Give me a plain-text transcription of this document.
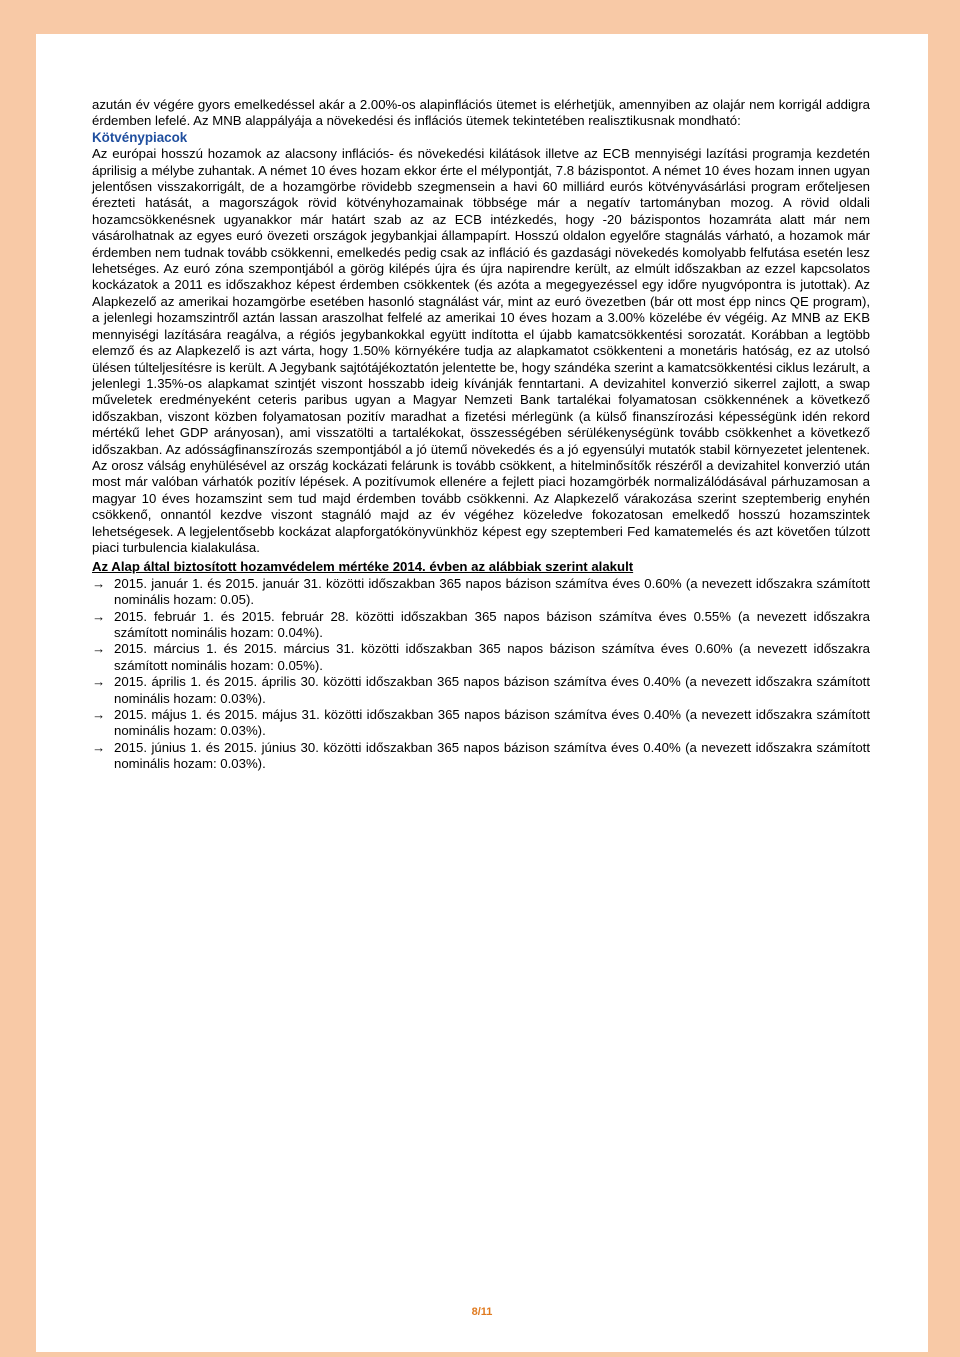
azután év végére gyors emelkedéssel akár a 2.00%-os alapinflációs ütemet is elérhetjük, amennyiben az olajár nem korrigál addigra érdemben lefelé. Az MNB alappályája a növekedési és inflációs ütemek tekintetében realisztikusnak mondható:

Kötvénypiacok

Az európai hosszú hozamok az alacsony inflációs- és növekedési kilátások illetve az ECB mennyiségi lazítási programja kezdetén áprilisig a mélybe zuhantak. A német 10 éves hozam ekkor érte el mélypontját, 7.8 bázispontot. A német 10 éves hozam innen ugyan jelentősen visszakorrigált, de a hozamgörbe rövidebb szegmensein a havi 60 milliárd eurós kötvényvásárlási program erőteljesen érezteti hatását, a magországok rövid kötvényhozamainak többsége már a negatív tartományban mozog. A rövid oldali hozamcsökkenésnek ugyanakkor már határt szab az az ECB intézkedés, hogy -20 bázispontos hozamráta alatt már nem vásárolhatnak az egyes euró övezeti országok jegybankjai állampapírt. Hosszú oldalon egyelőre stagnálás várható, a hozamok már érdemben nem tudnak tovább csökkenni, emelkedés pedig csak az infláció és gazdasági növekedés komolyabb felfutása esetén lesz lehetséges. Az euró zóna szempontjából a görög kilépés újra és újra napirendre került, az elmúlt időszakban az ezzel kapcsolatos kockázatok a 2011 es időszakhoz képest érdemben csökkentek (és azóta a megegyezéssel egy időre nyugvópontra is jutottak). Az Alapkezelő az amerikai hozamgörbe esetében hasonló stagnálást vár, mint az euró övezetben (bár ott most épp nincs QE program), a jelenlegi hozamszintről aztán lassan araszolhat felfelé az amerikai 10 éves hozam a 3.00% közelébe év végéig. Az MNB az EKB mennyiségi lazítására reagálva, a régiós jegybankokkal együtt indította el újabb kamatcsökkentési sorozatát. Korábban a legtöbb elemző és az Alapkezelő is azt várta, hogy 1.50% környékére tudja az alapkamatot csökkenteni a monetáris hatóság, ez az utolsó ülésen túlteljesítésre is került. A Jegybank sajtótájékoztatón jelentette be, hogy szándéka szerint a kamatcsökkentési ciklus lezárult, a jelenlegi 1.35%-os alapkamat szintjét viszont hosszabb ideig kívánják fenntartani. A devizahitel konverzió sikerrel zajlott, a swap műveletek eredményeként ceteris paribus ugyan a Magyar Nemzeti Bank tartalékai folyamatosan csökkennének a következő időszakban, viszont közben folyamatosan pozitív maradhat a fizetési mérlegünk (a külső finanszírozási képességünk idén rekord mértékű lehet GDP arányosan), ami visszatölti a tartalékokat, összességében sérülékenységünk tovább csökkenhet a következő időszakban. Az adósságfinanszírozás szempontjából a jó ütemű növekedés és a jó egyensúlyi mutatók stabil környezetet jelentenek. Az orosz válság enyhülésével az ország kockázati felárunk is tovább csökkent, a hitelminősítők részéről a devizahitel konverzió után most már valóban várhatók pozitív lépések. A pozitívumok ellenére a fejlett piaci hozamgörbék normalizálódásával párhuzamosan a magyar 10 éves hozamszint sem tud majd érdemben tovább csökkenni. Az Alapkezelő várakozása szerint szeptemberig enyhén csökkenő, onnantól kezdve viszont stagnáló majd az év végéhez közeledve fokozatosan emelkedő hosszú hozamszintek lehetségesek. A legjelentősebb kockázat alapforgatókönyvünkhöz képest egy szeptemberi Fed kamatemelés és azt követően túlzott piaci turbulencia kialakulása.

Az Alap által biztosított hozamvédelem mértéke 2014. évben az alábbiak szerint alakult

→ 2015. január 1. és 2015. január 31. közötti időszakban 365 napos bázison számítva éves 0.60% (a nevezett időszakra számított nominális hozam: 0.05).
→ 2015. február 1. és 2015. február 28. közötti időszakban 365 napos bázison számítva éves 0.55% (a nevezett időszakra számított nominális hozam: 0.04%).
→ 2015. március 1. és 2015. március 31. közötti időszakban 365 napos bázison számítva éves 0.60% (a nevezett időszakra számított nominális hozam: 0.05%).
→ 2015. április 1. és 2015. április 30. közötti időszakban 365 napos bázison számítva éves 0.40% (a nevezett időszakra számított nominális hozam: 0.03%).
→ 2015. május 1. és 2015. május 31. közötti időszakban 365 napos bázison számítva éves 0.40% (a nevezett időszakra számított nominális hozam: 0.03%).
→ 2015. június 1. és 2015. június 30. közötti időszakban 365 napos bázison számítva éves 0.40% (a nevezett időszakra számított nominális hozam: 0.03%).
8/11
